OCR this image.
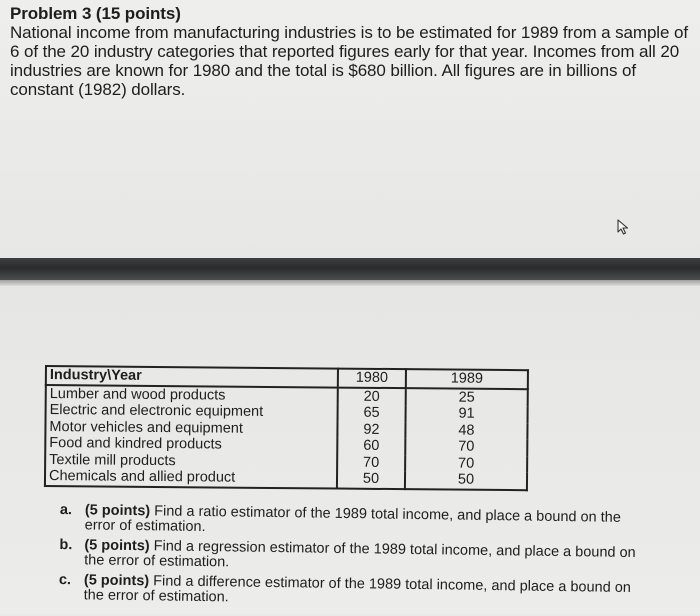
Problem 3 (15 points)

National income from manufacturing industries is to be estimated for 1989 from a sample of 6 of the 20 industry categories that reported figures early for that year. Incomes from all 20 industries are known for 1980 and the total is $680 billion. All figures are in billions of constant (1982) dollars.

Industry\Year	1980	1989
Lumber and wood products	20	25
Electric and electronic equipment	65	91
Motor vehicles and equipment	92	48
Food and kindred products	60	70
Textile mill products	70	70
Chemicals and allied product	50	50
a. (5 points) Find a ratio estimator of the 1989 total income, and place a bound on the error of estimation.
b. (5 points) Find a regression estimator of the 1989 total income, and place a bound on the error of estimation.
c. (5 points) Find a difference estimator of the 1989 total income, and place a bound on the error of estimation.
